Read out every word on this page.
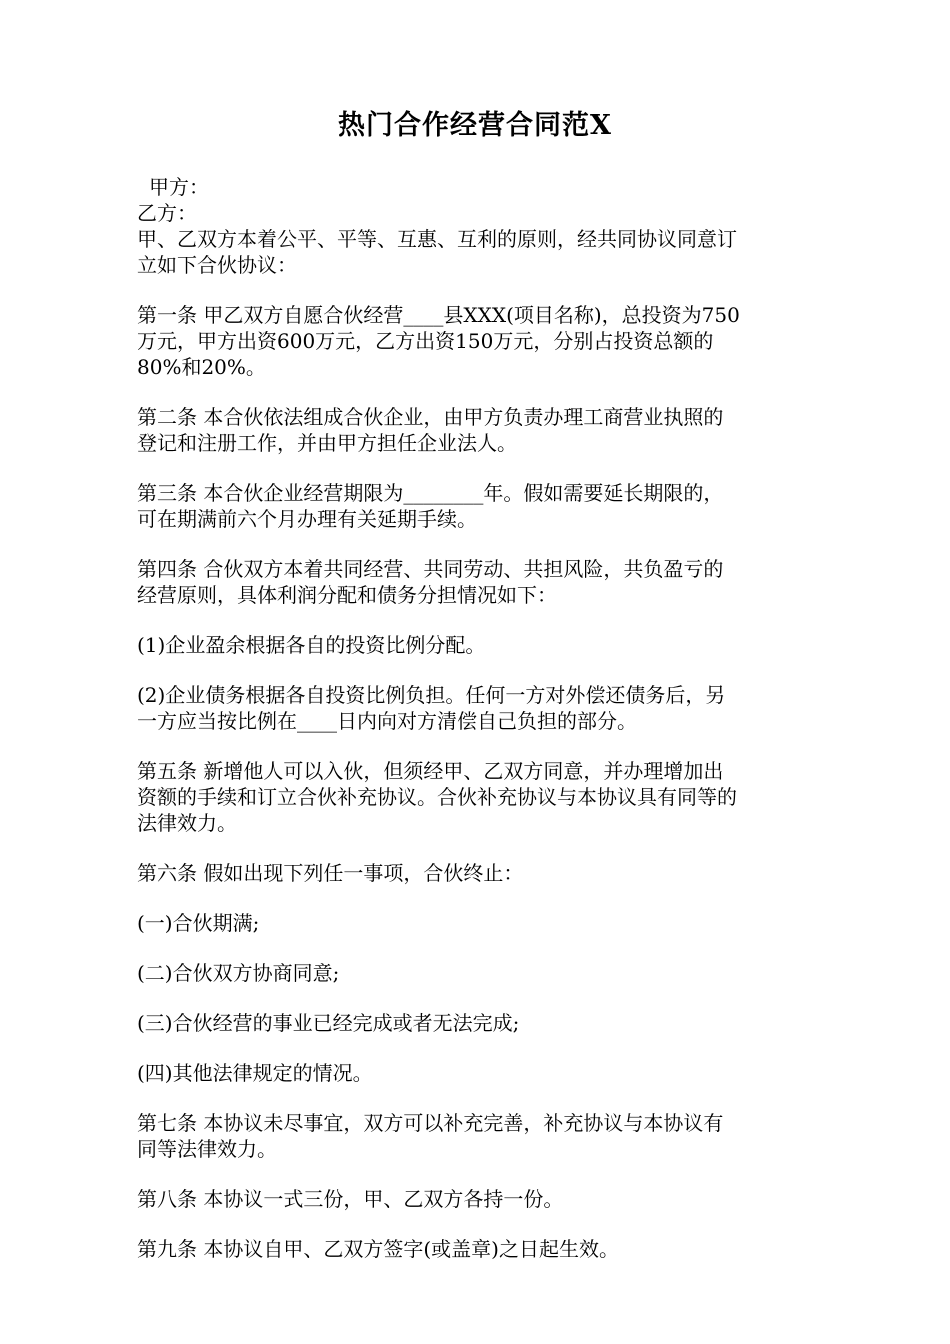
热门合作经营合同范X
甲方：
乙方：
甲、乙双方本着公平、平等、互惠、互利的原则，经共同协议同意订
立如下合伙协议：
第一条 甲乙双方自愿合伙经营____县XXX(项目名称)，总投资为750
万元，甲方出资600万元，乙方出资150万元，分别占投资总额的
80%和20%。
第二条 本合伙依法组成合伙企业，由甲方负责办理工商营业执照的
登记和注册工作，并由甲方担任企业法人。
第三条 本合伙企业经营期限为________年。假如需要延长期限的，
可在期满前六个月办理有关延期手续。
第四条 合伙双方本着共同经营、共同劳动、共担风险，共负盈亏的
经营原则，具体利润分配和债务分担情况如下：
(1)企业盈余根据各自的投资比例分配。
(2)企业债务根据各自投资比例负担。任何一方对外偿还债务后，另
一方应当按比例在____日内向对方清偿自己负担的部分。
第五条 新增他人可以入伙，但须经甲、乙双方同意，并办理增加出
资额的手续和订立合伙补充协议。合伙补充协议与本协议具有同等的
法律效力。
第六条 假如出现下列任一事项，合伙终止：
(一)合伙期满;
(二)合伙双方协商同意;
(三)合伙经营的事业已经完成或者无法完成;
(四)其他法律规定的情况。
第七条 本协议未尽事宜，双方可以补充完善，补充协议与本协议有
同等法律效力。
第八条 本协议一式三份，甲、乙双方各持一份。
第九条 本协议自甲、乙双方签字(或盖章)之日起生效。
